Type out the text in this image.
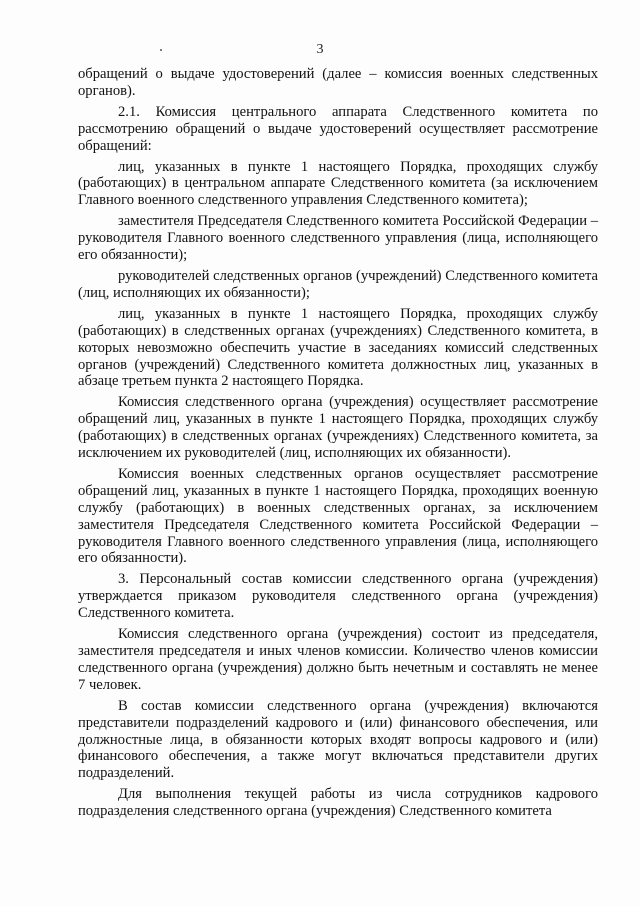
3

обращений о выдаче удостоверений (далее – комиссия военных следственных органов).

2.1. Комиссия центрального аппарата Следственного комитета по рассмотрению обращений о выдаче удостоверений осуществляет рассмотрение обращений:

лиц, указанных в пункте 1 настоящего Порядка, проходящих службу (работающих) в центральном аппарате Следственного комитета (за исключением Главного военного следственного управления Следственного комитета);

заместителя Председателя Следственного комитета Российской Федерации – руководителя Главного военного следственного управления (лица, исполняющего его обязанности);

руководителей следственных органов (учреждений) Следственного комитета (лиц, исполняющих их обязанности);

лиц, указанных в пункте 1 настоящего Порядка, проходящих службу (работающих) в следственных органах (учреждениях) Следственного комитета, в которых невозможно обеспечить участие в заседаниях комиссий следственных органов (учреждений) Следственного комитета должностных лиц, указанных в абзаце третьем пункта 2 настоящего Порядка.

Комиссия следственного органа (учреждения) осуществляет рассмотрение обращений лиц, указанных в пункте 1 настоящего Порядка, проходящих службу (работающих) в следственных органах (учреждениях) Следственного комитета, за исключением их руководителей (лиц, исполняющих их обязанности).

Комиссия военных следственных органов осуществляет рассмотрение обращений лиц, указанных в пункте 1 настоящего Порядка, проходящих военную службу (работающих) в военных следственных органах, за исключением заместителя Председателя Следственного комитета Российской Федерации – руководителя Главного военного следственного управления (лица, исполняющего его обязанности).

3. Персональный состав комиссии следственного органа (учреждения) утверждается приказом руководителя следственного органа (учреждения) Следственного комитета.

Комиссия следственного органа (учреждения) состоит из председателя, заместителя председателя и иных членов комиссии. Количество членов комиссии следственного органа (учреждения) должно быть нечетным и составлять не менее 7 человек.

В состав комиссии следственного органа (учреждения) включаются представители подразделений кадрового и (или) финансового обеспечения, или должностные лица, в обязанности которых входят вопросы кадрового и (или) финансового обеспечения, а также могут включаться представители других подразделений.

Для выполнения текущей работы из числа сотрудников кадрового подразделения следственного органа (учреждения) Следственного комитета
